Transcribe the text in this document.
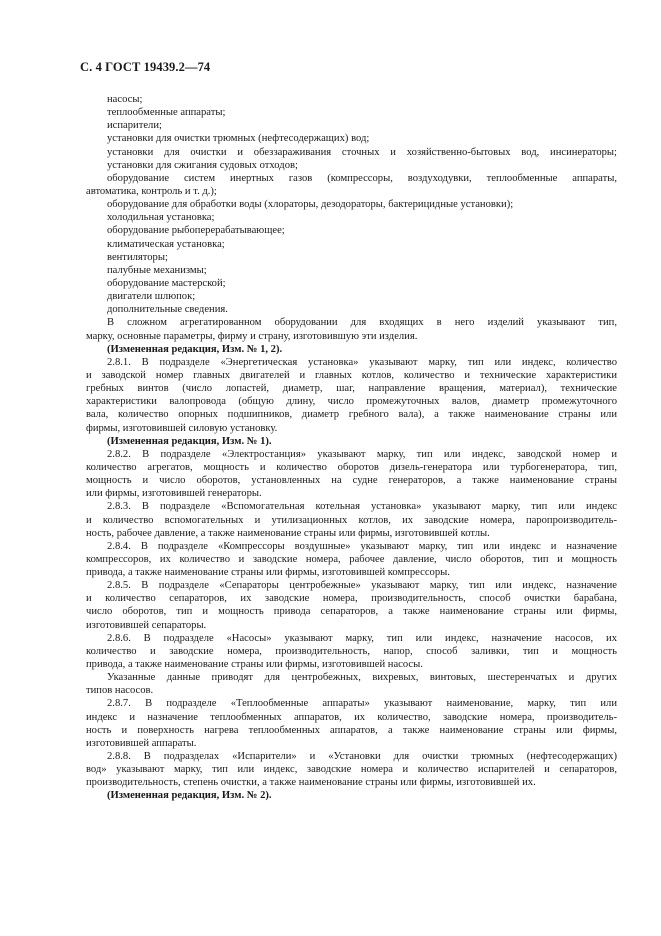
С. 4 ГОСТ 19439.2—74
насосы;
теплообменные аппараты;
испарители;
установки для очистки трюмных (нефтесодержащих) вод;
установки для очистки и обеззараживания сточных и хозяйственно-бытовых вод, инсинераторы;
установки для сжигания судовых отходов;
оборудование систем инертных газов (компрессоры, воздуходувки, теплообменные аппараты,
автоматика, контроль и т. д.);
оборудование для обработки воды (хлораторы, дезодораторы, бактерицидные установки);
холодильная установка;
оборудование рыбоперерабатывающее;
климатическая установка;
вентиляторы;
палубные механизмы;
оборудование мастерской;
двигатели шлюпок;
дополнительные сведения.
В сложном агрегатированном оборудовании для входящих в него изделий указывают тип,
марку, основные параметры, фирму и страну, изготовившую эти изделия.
(Измененная редакция, Изм. № 1, 2).
2.8.1. В подразделе «Энергетическая установка» указывают марку, тип или индекс, количество
и заводской номер главных двигателей и главных котлов, количество и технические характеристики
гребных винтов (число лопастей, диаметр, шаг, направление вращения, материал), технические
характеристики валопровода (общую длину, число промежуточных валов, диаметр промежуточного
вала, количество опорных подшипников, диаметр гребного вала), а также наименование страны или
фирмы, изготовившей силовую установку.
(Измененная редакция, Изм. № 1).
2.8.2. В подразделе «Электростанция» указывают марку, тип или индекс, заводской номер и
количество агрегатов, мощность и количество оборотов дизель-генератора или турбогенератора, тип,
мощность и число оборотов, установленных на судне генераторов, а также наименование страны
или фирмы, изготовившей генераторы.
2.8.3. В подразделе «Вспомогательная котельная установка» указывают марку, тип или индекс
и количество вспомогательных и утилизационных котлов, их заводские номера, паропроизводитель-
ность, рабочее давление, а также наименование страны или фирмы, изготовившей котлы.
2.8.4. В подразделе «Компрессоры воздушные» указывают марку, тип или индекс и назначение
компрессоров, их количество и заводские номера, рабочее давление, число оборотов, тип и мощность
привода, а также наименование страны или фирмы, изготовившей компрессоры.
2.8.5. В подразделе «Сепараторы центробежные» указывают марку, тип или индекс, назначение
и количество сепараторов, их заводские номера, производительность, способ очистки барабана,
число оборотов, тип и мощность привода сепараторов, а также наименование страны или фирмы,
изготовившей сепараторы.
2.8.6. В подразделе «Насосы» указывают марку, тип или индекс, назначение насосов, их
количество и заводские номера, производительность, напор, способ заливки, тип и мощность
привода, а также наименование страны или фирмы, изготовившей насосы.
Указанные данные приводят для центробежных, вихревых, винтовых, шестеренчатых и других
типов насосов.
2.8.7. В подразделе «Теплообменные аппараты» указывают наименование, марку, тип или
индекс и назначение теплообменных аппаратов, их количество, заводские номера, производитель-
ность и поверхность нагрева теплообменных аппаратов, а также наименование страны или фирмы,
изготовившей аппараты.
2.8.8. В подразделах «Испарители» и «Установки для очистки трюмных (нефтесодержащих)
вод» указывают марку, тип или индекс, заводские номера и количество испарителей и сепараторов,
производительность, степень очистки, а также наименование страны или фирмы, изготовившей их.
(Измененная редакция, Изм. № 2).
